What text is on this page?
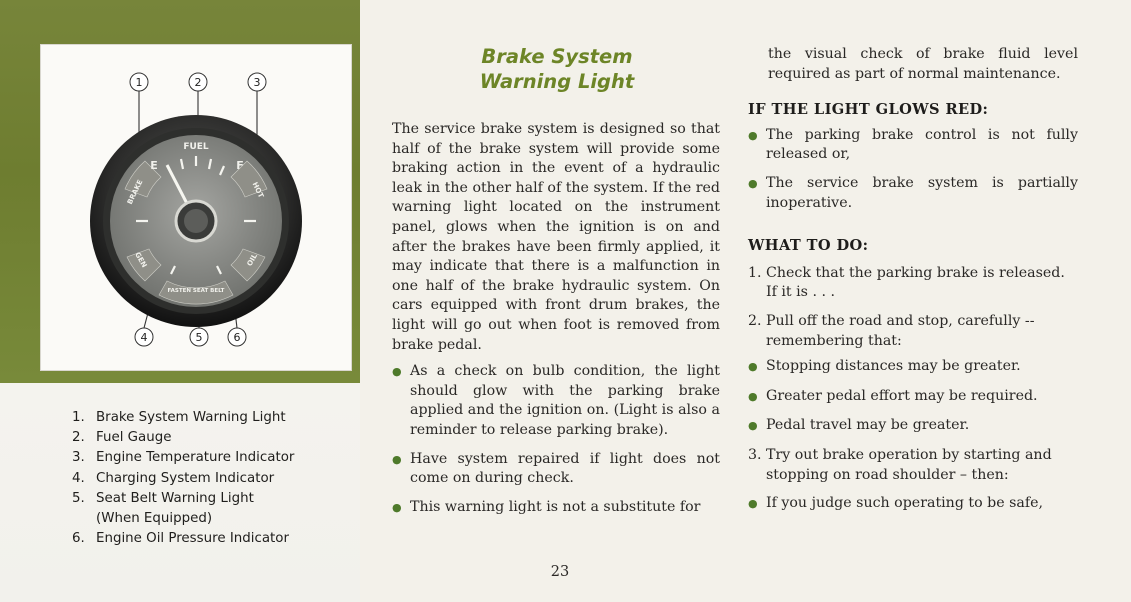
1	2	3
4	5	6
FUEL
E	F
BRAKE	HOT
GEN	OIL
FASTEN SEAT BELT
1. Brake System Warning Light
2. Fuel Gauge
3. Engine Temperature Indicator
4. Charging System Indicator
5. Seat Belt Warning Light (When Equipped)
6. Engine Oil Pressure Indicator
Brake System
Warning Light

The service brake system is designed so that half of the brake system will provide some braking action in the event of a hydraulic leak in the other half of the system. If the red warning light located on the instrument panel, glows when the ignition is on and after the brakes have been firmly applied, it may indicate that there is a malfunction in one half of the brake hydraulic system. On cars equipped with front drum brakes, the light will go out when foot is removed from brake pedal.

● As a check on bulb condition, the light should glow with the parking brake applied and the ignition on. (Light is also a reminder to release parking brake).
● Have system repaired if light does not come on during check.
● This warning light is not a substitute for

the visual check of brake fluid level required as part of normal maintenance.

IF THE LIGHT GLOWS RED:
● The parking brake control is not fully released or,
● The service brake system is partially inoperative.
WHAT TO DO:
1. Check that the parking brake is released. If it is . . .
2. Pull off the road and stop, carefully -- remembering that:
● Stopping distances may be greater.
● Greater pedal effort may be required.
● Pedal travel may be greater.
3. Try out brake operation by starting and stopping on road shoulder – then:
● If you judge such operating to be safe,
23
